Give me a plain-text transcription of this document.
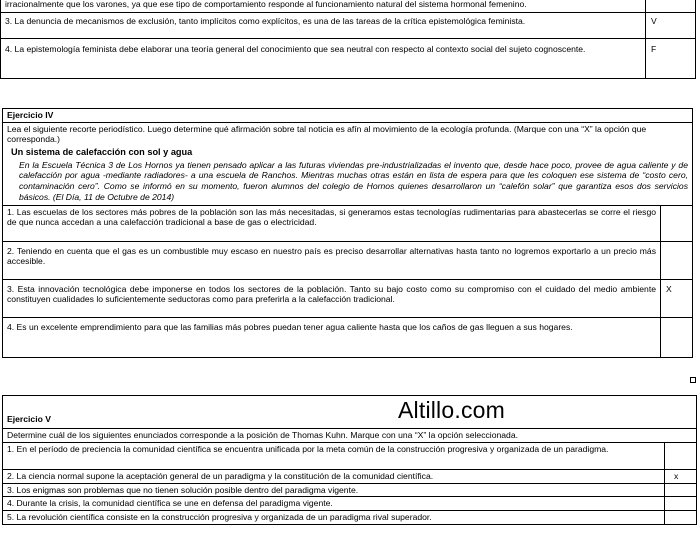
irracionalmente que los varones, ya que ese tipo de comportamiento responde al funcionamiento natural del sistema hormonal femenino.	
3. La denuncia de mecanismos de exclusión, tanto implícitos como explícitos, es una de las tareas de la crítica epistemológica feminista.	V
4. La epistemología feminista debe elaborar una teoría general del conocimiento que sea neutral con respecto al contexto social del sujeto cognoscente.	F
Ejercicio IV	

Lea el siguiente recorte periodístico. Luego determine qué afirmación sobre tal noticia es afín al movimiento de la ecología profunda. (Marque con una “X” la opción que corresponda.)
Un sistema de calefacción con sol y agua
En la Escuela Técnica 3 de Los Hornos ya tienen pensado aplicar a las futuras viviendas pre-industrializadas el invento que, desde hace poco, provee de agua caliente y de calefacción por agua -mediante radiadores- a una escuela de Ranchos. Mientras muchas otras están en lista de espera para que les coloquen ese sistema de “costo cero, contaminación cero”. Como se informó en su momento, fueron alumnos del colegio de Hornos quienes desarrollaron un “calefón solar” que garantiza esos dos servicios básicos. (El Día, 11 de Octubre de 2014)	

1. Las escuelas de los sectores más pobres de la población son las más necesitadas, si generamos estas tecnologías rudimentarias para abastecerlas se corre el riesgo de que nunca accedan a una calefacción tradicional a base de gas o electricidad.	
2. Teniendo en cuenta que el gas es un combustible muy escaso en nuestro país es preciso desarrollar alternativas hasta tanto no logremos exportarlo a un precio más accesible.	
3. Esta innovación tecnológica debe imponerse en todos los sectores de la población. Tanto su bajo costo como su compromiso con el cuidado del medio ambiente constituyen cualidades lo suficientemente seductoras como para preferirla a la calefacción tradicional.	X
4. Es un excelente emprendimiento para que las familias más pobres puedan tener agua caliente hasta que los caños de gas lleguen a sus hogares.	
Altillo.com
Ejercicio V	
Determine cuál de los siguientes enunciados corresponde a la posición de Thomas Kuhn. Marque con una “X” la opción seleccionada.	
1. En el período de preciencia la comunidad científica se encuentra unificada por la meta común de la construcción progresiva y organizada de un paradigma.	
2. La ciencia normal supone la aceptación general de un paradigma y la constitución de la comunidad científica.	x
3. Los enigmas son problemas que no tienen solución posible dentro del paradigma vigente.	
4. Durante la crisis, la comunidad científica se une en defensa del paradigma vigente.	
5. La revolución científica consiste en la construcción progresiva y organizada de un paradigma rival superador.	
